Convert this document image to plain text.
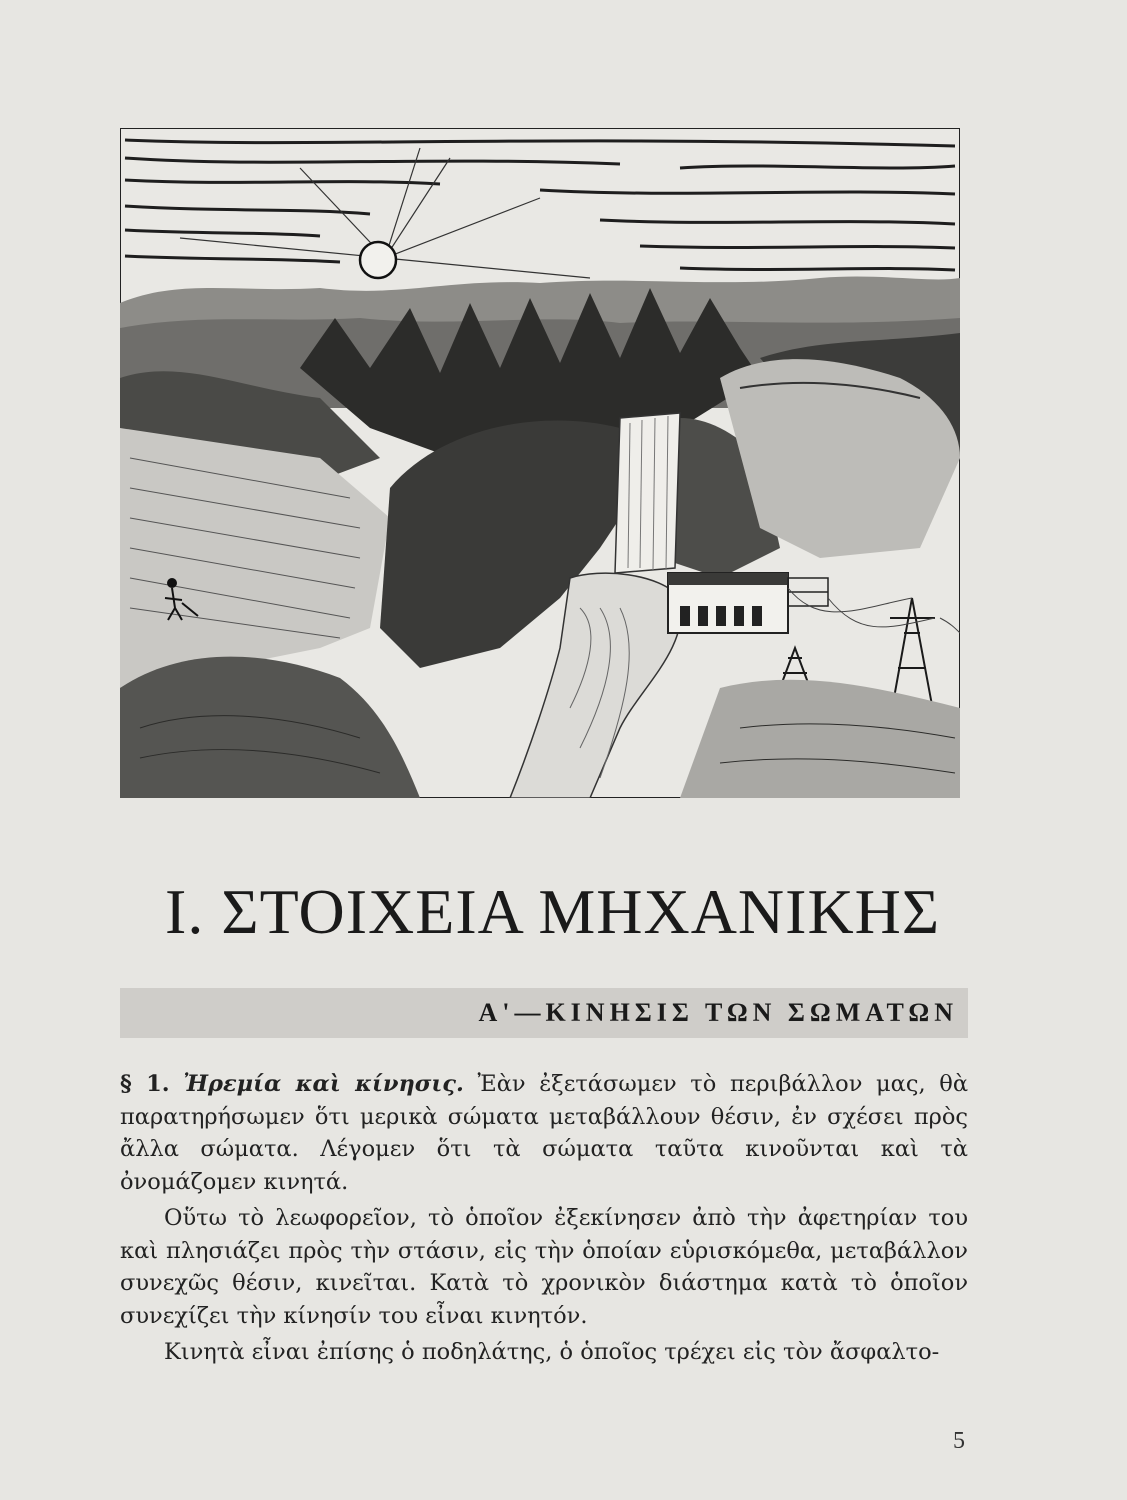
I. ΣΤΟΙΧΕΙΑ ΜΗΧΑΝΙΚΗΣ
Α'—ΚΙΝΗΣΙΣ ΤΩΝ ΣΩΜΑΤΩΝ

§ 1. Ἠρεμία καὶ κίνησις. Ἐὰν ἐξετάσωμεν τὸ περιβάλλον μας, θὰ παρατηρήσωμεν ὅτι μερικὰ σώματα μεταβάλλουν θέσιν, ἐν σχέσει πρὸς ἄλλα σώματα. Λέγομεν ὅτι τὰ σώματα ταῦτα κινοῦνται καὶ τὰ ὀνομάζομεν κινητά.

Οὕτω τὸ λεωφορεῖον, τὸ ὁποῖον ἐξεκίνησεν ἀπὸ τὴν ἀφετηρίαν του καὶ πλησιάζει πρὸς τὴν στάσιν, εἰς τὴν ὁποίαν εὑρισκόμεθα, μεταβάλλον συνεχῶς θέσιν, κινεῖται. Κατὰ τὸ χρονικὸν διάστημα κατὰ τὸ ὁποῖον συνεχίζει τὴν κίνησίν του εἶναι κινητόν.

Κινητὰ εἶναι ἐπίσης ὁ ποδηλάτης, ὁ ὁποῖος τρέχει εἰς τὸν ἄσφαλτο-

5
